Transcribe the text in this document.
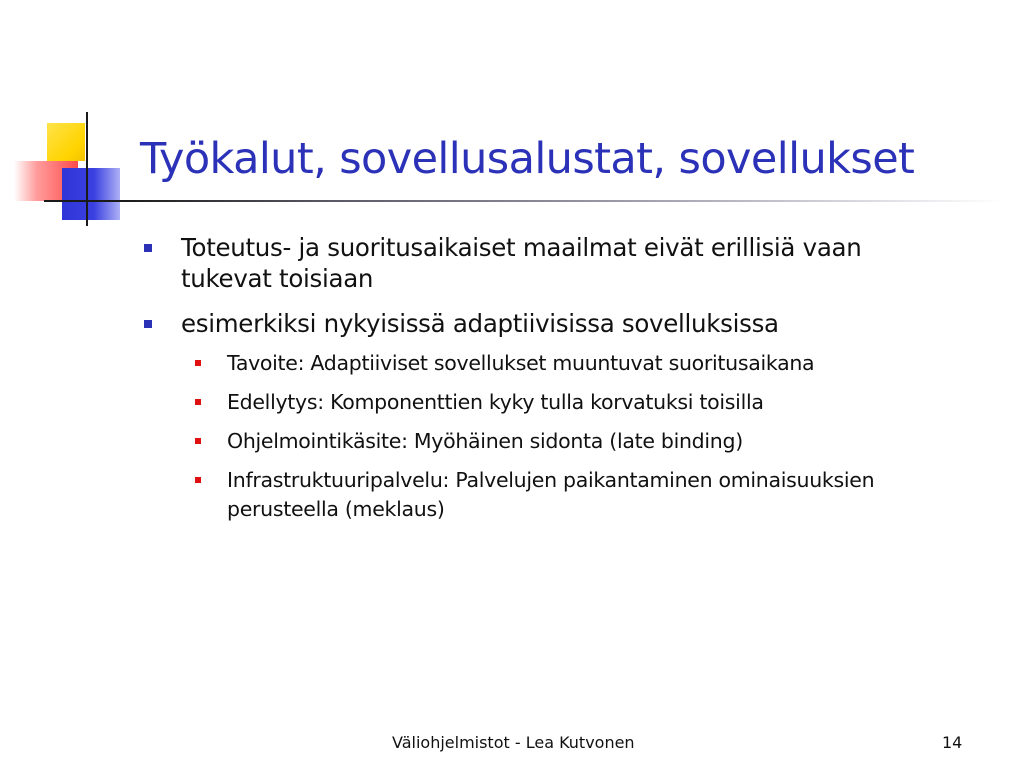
Työkalut, sovellusalustat, sovellukset
Toteutus- ja suoritusaikaiset maailmat eivät erillisiä vaan tukevat toisiaan
esimerkiksi nykyisissä adaptiivisissa sovelluksissa
Tavoite: Adaptiiviset sovellukset muuntuvat suoritusaikana
Edellytys: Komponenttien kyky tulla korvatuksi toisilla
Ohjelmointikäsite: Myöhäinen sidonta (late binding)
Infrastruktuuripalvelu: Palvelujen paikantaminen ominaisuuksien perusteella (meklaus)
Väliohjelmistot - Lea Kutvonen	14
